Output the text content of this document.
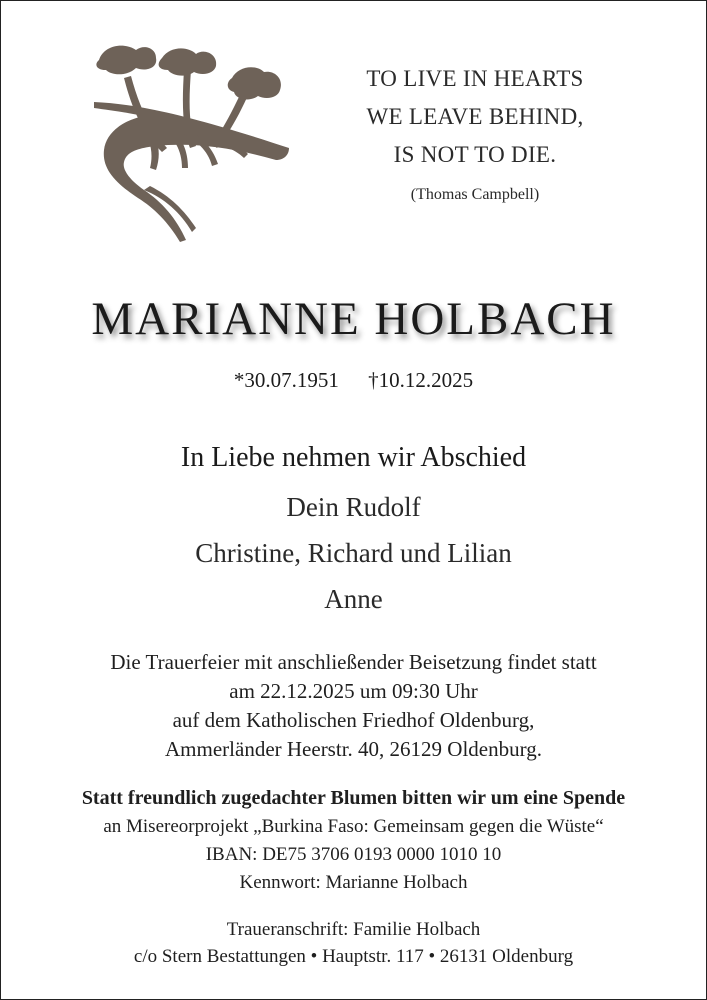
TO LIVE IN HEARTS
WE LEAVE BEHIND,
IS NOT TO DIE.
(Thomas Campbell)
MARIANNE HOLBACH
*30.07.1951 †10.12.2025
In Liebe nehmen wir Abschied
Dein Rudolf
Christine, Richard und Lilian
Anne
Die Trauerfeier mit anschließender Beisetzung findet statt
am 22.12.2025 um 09:30 Uhr
auf dem Katholischen Friedhof Oldenburg,
Ammerländer Heerstr. 40, 26129 Oldenburg.
Statt freundlich zugedachter Blumen bitten wir um eine Spende
an Misereorprojekt „Burkina Faso: Gemeinsam gegen die Wüste“
IBAN: DE75 3706 0193 0000 1010 10
Kennwort: Marianne Holbach
Traueranschrift: Familie Holbach
c/o Stern Bestattungen • Hauptstr. 117 • 26131 Oldenburg
